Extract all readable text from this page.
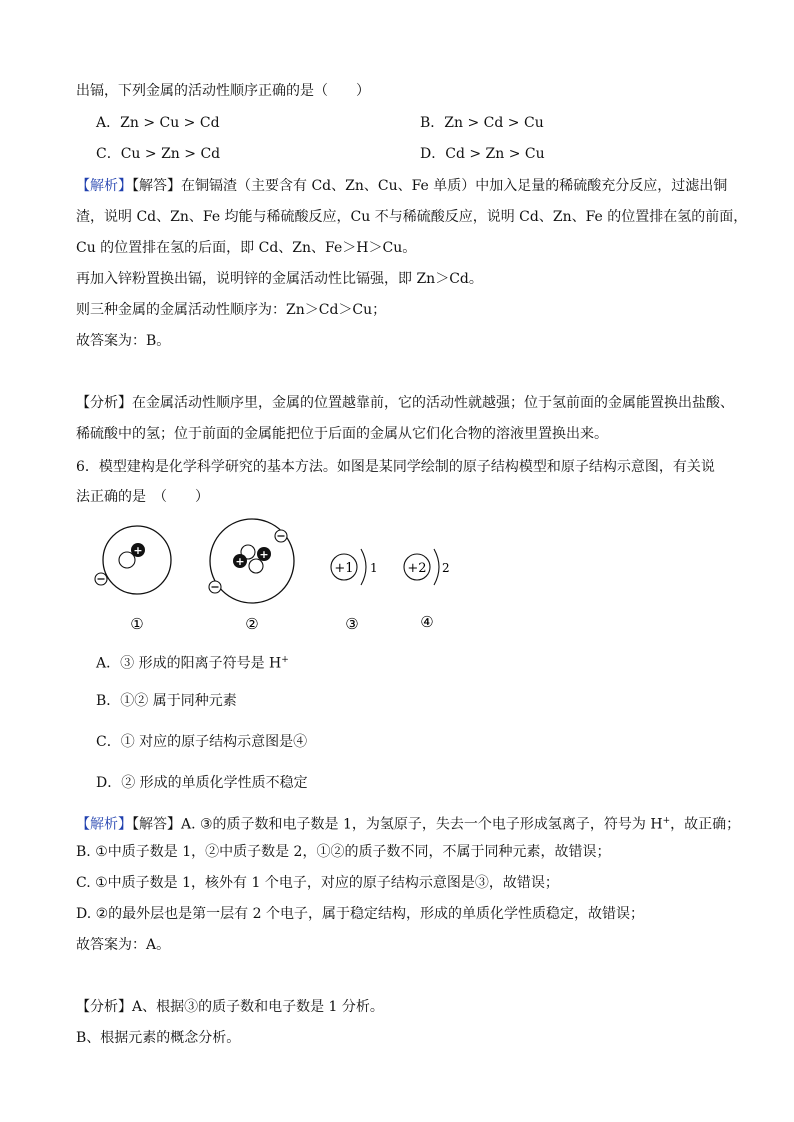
出镉，下列金属的活动性顺序正确的是（　　）
A．Zn > Cu > Cd	B．Zn > Cd > Cu
C．Cu > Zn > Cd	D．Cd > Zn > Cu
【解析】【解答】在铜镉渣（主要含有 Cd、Zn、Cu、Fe 单质）中加入足量的稀硫酸充分反应，过滤出铜
渣，说明 Cd、Zn、Fe 均能与稀硫酸反应，Cu 不与稀硫酸反应，说明 Cd、Zn、Fe 的位置排在氢的前面，
Cu 的位置排在氢的后面，即 Cd、Zn、Fe＞H＞Cu。
再加入锌粉置换出镉，说明锌的金属活动性比镉强，即 Zn＞Cd。
则三种金属的金属活动性顺序为：Zn＞Cd＞Cu；
故答案为：B。
【分析】在金属活动性顺序里，金属的位置越靠前，它的活动性就越强；位于氢前面的金属能置换出盐酸、
稀硫酸中的氢；位于前面的金属能把位于后面的金属从它们化合物的溶液里置换出来。
6．模型建构是化学科学研究的基本方法。如图是某同学绘制的原子结构模型和原子结构示意图，有关说
法正确的是　（　　）
+
+
+
+1 1 +2 2
①	②	③	④
A．③ 形成的阳离子符号是 H+
B．①② 属于同种元素
C．① 对应的原子结构示意图是④
D．② 形成的单质化学性质不稳定
【解析】【解答】A. ③的质子数和电子数是 1，为氢原子，失去一个电子形成氢离子，符号为 H+，故正确；
B. ①中质子数是 1，②中质子数是 2，①②的质子数不同，不属于同种元素，故错误；
C. ①中质子数是 1，核外有 1 个电子，对应的原子结构示意图是③，故错误；
D. ②的最外层也是第一层有 2 个电子，属于稳定结构，形成的单质化学性质稳定，故错误；
故答案为：A。
【分析】A、根据③的质子数和电子数是 1 分析。
B、根据元素的概念分析。
